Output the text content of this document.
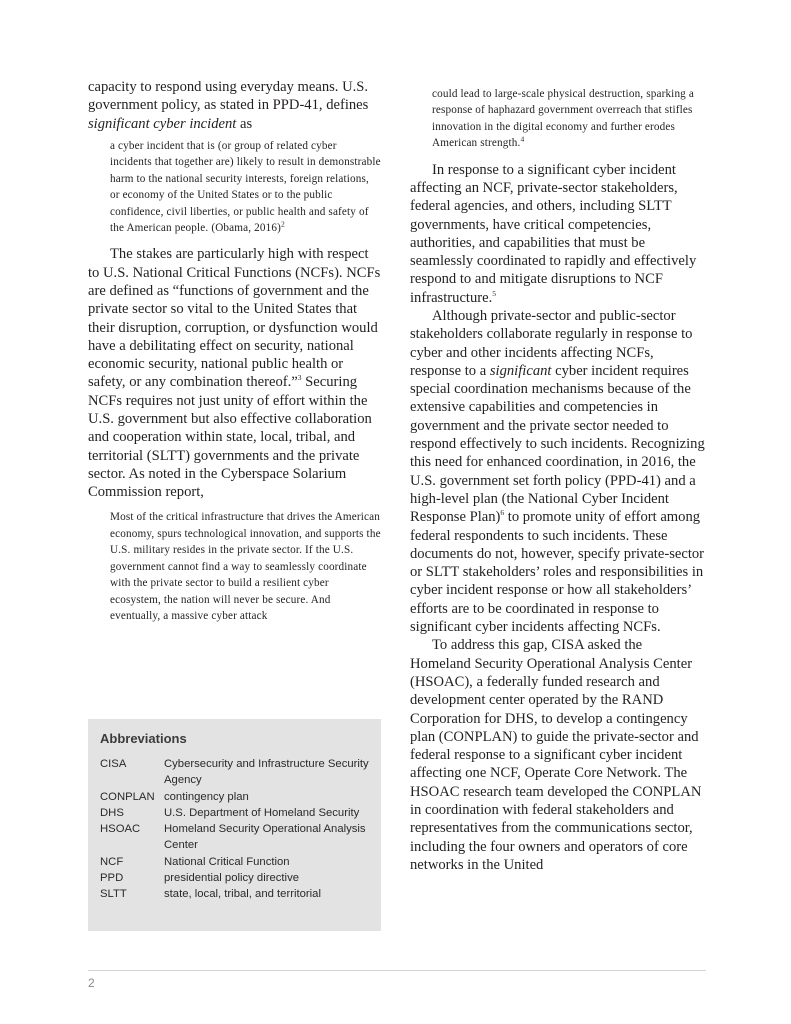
capacity to respond using everyday means. U.S. government policy, as stated in PPD-41, defines significant cyber incident as

a cyber incident that is (or group of related cyber incidents that together are) likely to result in demonstrable harm to the national security interests, foreign relations, or economy of the United States or to the public confidence, civil liberties, or public health and safety of the American people. (Obama, 2016)$^2$

The stakes are particularly high with respect to U.S. National Critical Functions (NCFs). NCFs are defined as “functions of government and the private sector so vital to the United States that their disruption, corruption, or dysfunction would have a debilitating effect on security, national economic security, national public health or safety, or any combination thereof.”$^3$ Securing NCFs requires not just unity of effort within the U.S. government but also effective collaboration and cooperation within state, local, tribal, and territorial (SLTT) governments and the private sector. As noted in the Cyberspace Solarium Commission report,

Most of the critical infrastructure that drives the American economy, spurs technological innovation, and supports the U.S. military resides in the private sector. If the U.S. government cannot find a way to seamlessly coordinate with the private sector to build a resilient cyber ecosystem, the nation will never be secure. And eventually, a massive cyber attack

Abbreviations
CISA	Cybersecurity and Infrastructure Security Agency
CONPLAN	contingency plan
DHS	U.S. Department of Homeland Security
HSOAC	Homeland Security Operational Analysis Center
NCF	National Critical Function
PPD	presidential policy directive
SLTT	state, local, tribal, and territorial

could lead to large-scale physical destruction, sparking a response of haphazard government overreach that stifles innovation in the digital economy and further erodes American strength.$^4$

In response to a significant cyber incident affecting an NCF, private-sector stakeholders, federal agencies, and others, including SLTT governments, have critical competencies, authorities, and capabilities that must be seamlessly coordinated to rapidly and effectively respond to and mitigate disruptions to NCF infrastructure.$^5$

Although private-sector and public-sector stakeholders collaborate regularly in response to cyber and other incidents affecting NCFs, response to a significant cyber incident requires special coordination mechanisms because of the extensive capabilities and competencies in government and the private sector needed to respond effectively to such incidents. Recognizing this need for enhanced coordination, in 2016, the U.S. government set forth policy (PPD-41) and a high-level plan (the National Cyber Incident Response Plan)$^6$ to promote unity of effort among federal respondents to such incidents. These documents do not, however, specify private-sector or SLTT stakeholders’ roles and responsibilities in cyber incident response or how all stakeholders’ efforts are to be coordinated in response to significant cyber incidents affecting NCFs.

To address this gap, CISA asked the Homeland Security Operational Analysis Center (HSOAC), a federally funded research and development center operated by the RAND Corporation for DHS, to develop a contingency plan (CONPLAN) to guide the private-sector and federal response to a significant cyber incident affecting one NCF, Operate Core Network. The HSOAC research team developed the CONPLAN in coordination with federal stakeholders and representatives from the communications sector, including the four owners and operators of core networks in the United

2
